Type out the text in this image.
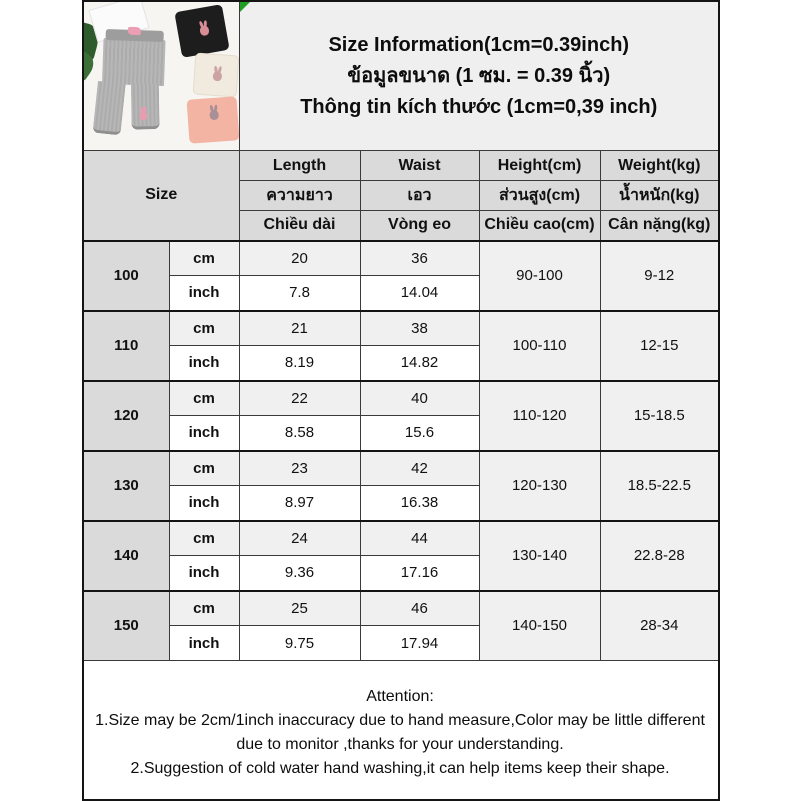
		Size Information(1cm=0.39inch)
ข้อมูลขนาด (1 ซม. = 0.39 นิ้ว)
Thông tin kích thước (1cm=0,39 inch)			

Size		Length	Waist	Height(cm)	Weight(kg)
		ความยาว	เอว	ส่วนสูง(cm)	น้ำหนัก(kg)
		Chiều dài	Vòng eo	Chiều cao(cm)	Cân nặng(kg)
100	cm	20	36	90-100	9-12
	inch	7.8	14.04		
110	cm	21	38	100-110	12-15
	inch	8.19	14.82		
120	cm	22	40	110-120	15-18.5
	inch	8.58	15.6		
130	cm	23	42	120-130	18.5-22.5
	inch	8.97	16.38		
140	cm	24	44	130-140	22.8-28
	inch	9.36	17.16		
150	cm	25	46	140-150	28-34
	inch	9.75	17.94		

Attention:
1.Size may be 2cm/1inch inaccuracy due to hand measure,Color may be little different due to monitor ,thanks for your understanding.
2.Suggestion of cold water hand washing,it can help items keep their shape.					
